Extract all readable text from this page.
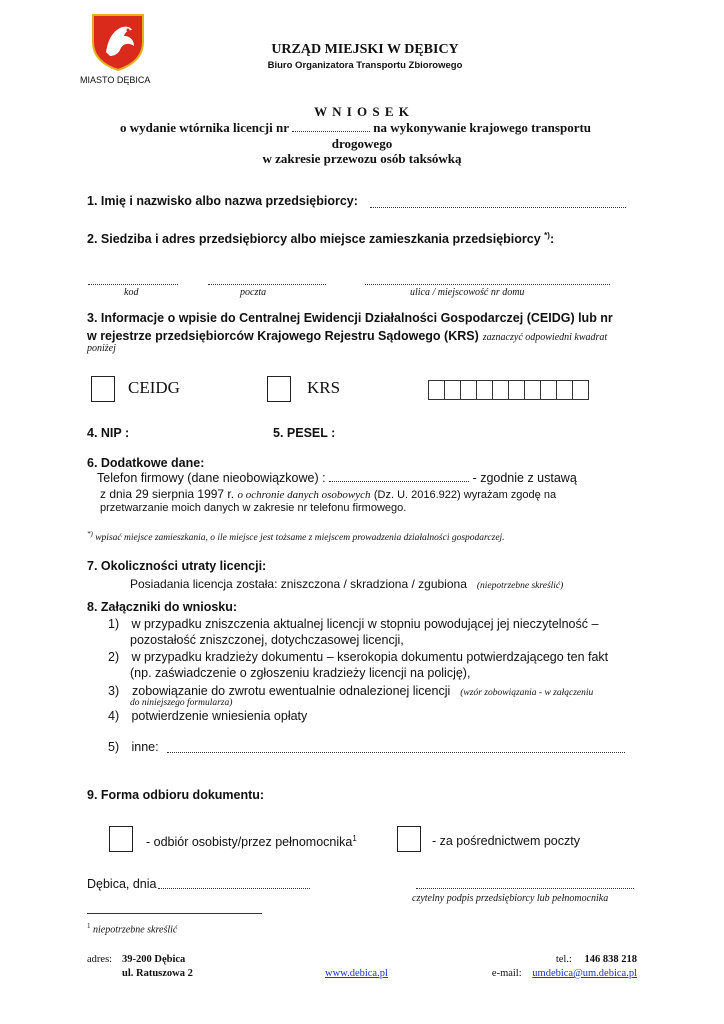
MIASTO DĘBICA
URZĄD MIEJSKI W DĘBICY
Biuro Organizatora Transportu Zbiorowego
W N I O S E K
o wydanie wtórnika licencji nr	na wykonywanie krajowego transportu
drogowego
w zakresie przewozu osób taksówką
1. Imię i nazwisko albo nazwa przedsiębiorcy:
2. Siedziba i adres przedsiębiorcy albo miejsce zamieszkania przedsiębiorcy *):
kod	poczta	ulica / miejscowość nr domu
3. Informacje o wpisie do Centralnej Ewidencji Działalności Gospodarczej (CEIDG) lub nr
w rejestrze przedsiębiorców Krajowego Rejestru Sądowego (KRS) zaznaczyć odpowiedni kwadrat
poniżej
CEIDG	KRS
4. NIP :	5. PESEL :
6. Dodatkowe dane:
Telefon firmowy (dane nieobowiązkowe) :	- zgodnie z ustawą
z dnia 29 sierpnia 1997 r. o ochronie danych osobowych (Dz. U. 2016.922) wyrażam zgodę na
przetwarzanie moich danych w zakresie nr telefonu firmowego.
*) wpisać miejsce zamieszkania, o ile miejsce jest tożsame z miejscem prowadzenia działalności gospodarczej.
7. Okoliczności utraty licencji:
Posiadania licencja została: zniszczona / skradziona / zgubiona (niepotrzebne skreślić)
8. Załączniki do wniosku:
1) w przypadku zniszczenia aktualnej licencji w stopniu powodującej jej nieczytelność –
pozostałość zniszczonej, dotychczasowej licencji,
2) w przypadku kradzieży dokumentu – kserokopia dokumentu potwierdzającego ten fakt
(np. zaświadczenie o zgłoszeniu kradzieży licencji na policję),
3) zobowiązanie do zwrotu ewentualnie odnalezionej licencji (wzór zobowiązania - w załączeniu
do niniejszego formularza)
4) potwierdzenie wniesienia opłaty
5) inne:
9. Forma odbioru dokumentu:
- odbiór osobisty/przez pełnomocnika$^1$	- za pośrednictwem poczty
Dębica, dnia
czytelny podpis przedsiębiorcy lub pełnomocnika
$^1$ niepotrzebne skreślić
adres: 39-200 Dębica
ul. Ratuszowa 2	www.debica.pl
tel.: 146 838 218
e-mail: umdebica@um.debica.pl
